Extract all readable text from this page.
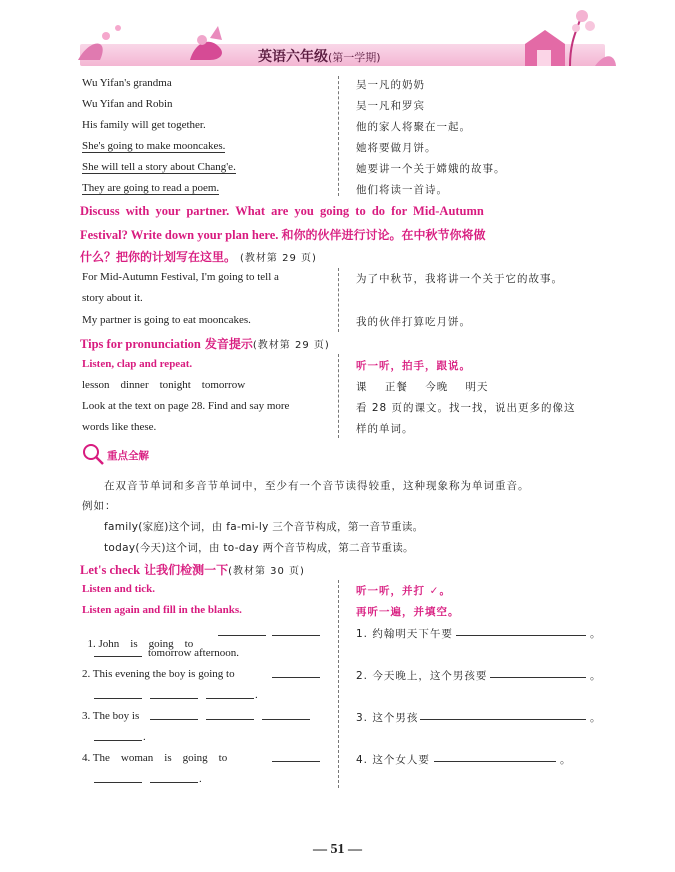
英语六年级(第一学期)
Wu Yifan's grandma	吴一凡的奶奶
Wu Yifan and Robin	吴一凡和罗宾
His family will get together.	他的家人将聚在一起。
She's going to make mooncakes.	她将要做月饼。
She will tell a story about Chang'e.	她要讲一个关于嫦娥的故事。
They are going to read a poem.	他们将读一首诗。
Discuss with your partner. What are you going to do for Mid-Autumn
Festival? Write down your plan here. 和你的伙伴进行讨论。在中秋节你将做
什么？把你的计划写在这里。 (教材第 29 页)
For Mid-Autumn Festival, I'm going to tell a
story about it.
为了中秋节，我将讲一个关于它的故事。
My partner is going to eat mooncakes.	我的伙伴打算吃月饼。
Tips for pronunciation 发音提示(教材第 29 页)
Listen, clap and repeat.	听一听，拍手，跟说。
lesson    dinner    tonight    tomorrow	课    正餐    今晚    明天
Look at the text on page 28. Find and say more
words like these.
看 28 页的课文。找一找，说出更多的像这
样的单词。
重点全解
在双音节单词和多音节单词中，至少有一个音节读得较重，这种现象称为单词重音。
例如：
family(家庭)这个词，由 fa-mi-ly 三个音节构成，第一音节重读。
today(今天)这个词，由 to-day 两个音节构成，第二音节重读。
Let's check 让我们检测一下(教材第 30 页)
Listen and tick.	听一听，并打 ✓。
Listen again and fill in the blanks.	再听一遍，并填空。

1. John    is    going    to

tomorrow afternoon.
1. 约翰明天下午要	。
2. This evening the boy is going to
.
2. 今天晚上，这个男孩要	。
3. The boy is
.
3. 这个男孩	。
4. The    woman    is    going    to
.
4. 这个女人要	。
— 51 —
